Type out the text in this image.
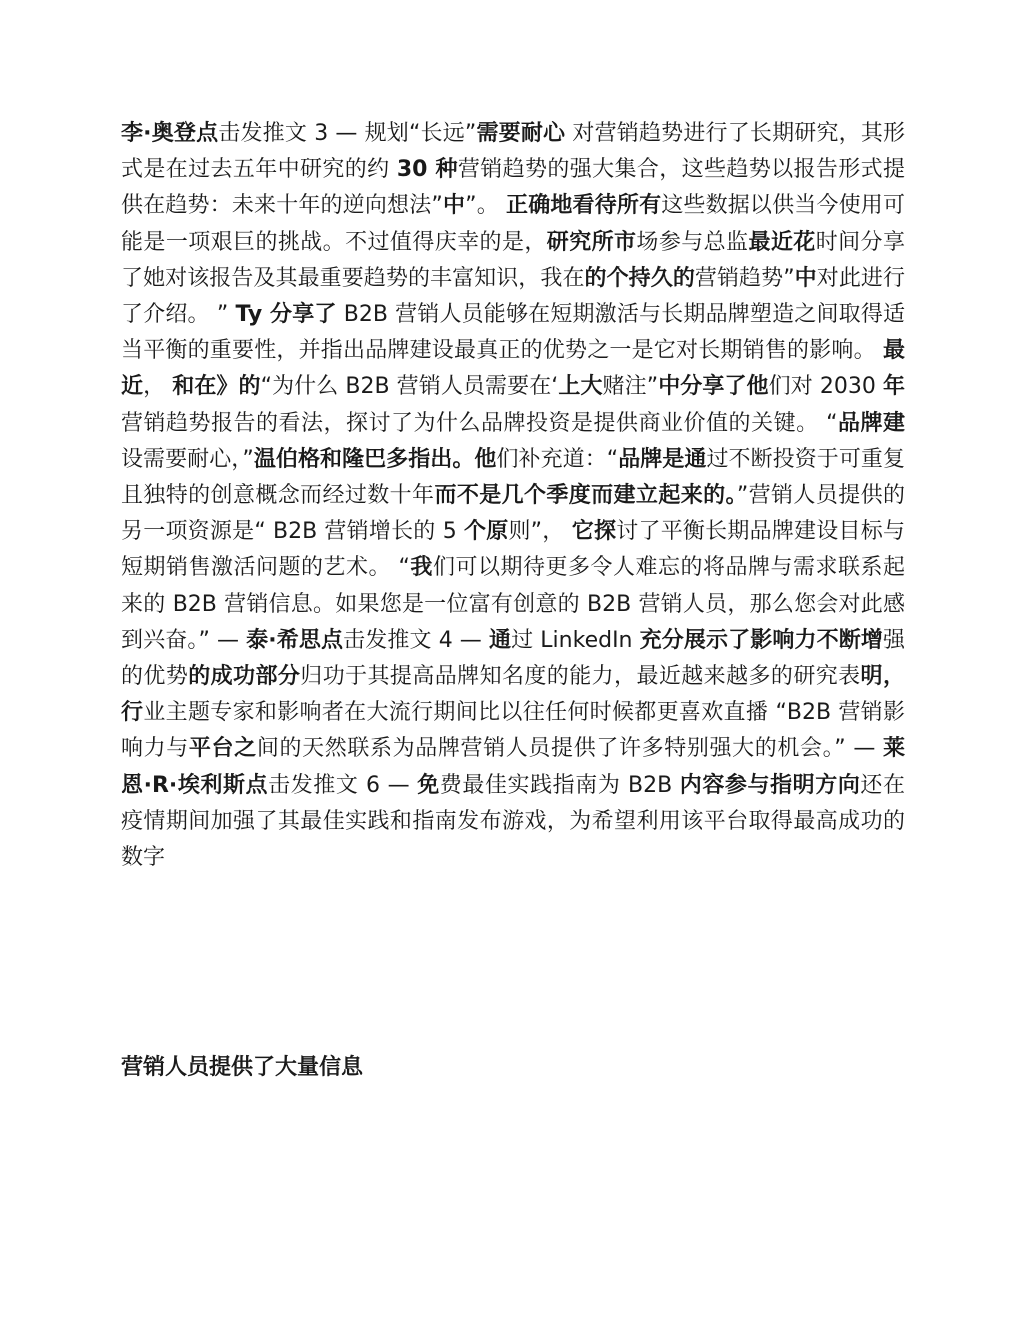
李·奥登点击发推文 3 — 规划“长远”需要耐心 对营销趋势进行了长期研究，其形式是在过去五年中研究的约 30 种营销趋势的强大集合，这些趋势以报告形式提供在趋势：未来十年的逆向想法”中”。 正确地看待所有这些数据以供当今使用可能是一项艰巨的挑战。不过值得庆幸的是，研究所市场参与总监最近花时间分享了她对该报告及其最重要趋势的丰富知识，我在的个持久的营销趋势”中对此进行了介绍。 ” Ty 分享了 B2B 营销人员能够在短期激活与长期品牌塑造之间取得适当平衡的重要性，并指出品牌建设最真正的优势之一是它对长期销售的影响。 最近， 和在》的“为什么 B2B 营销人员需要在‘上大赌注”中分享了他们对 2030 年营销趋势报告的看法，探讨了为什么品牌投资是提供商业价值的关键。 “品牌建设需要耐心，”温伯格和隆巴多指出。他们补充道：“品牌是通过不断投资于可重复且独特的创意概念而经过数十年而不是几个季度而建立起来的。”营销人员提供的另一项资源是“ B2B 营销增长的 5 个原则”， 它探讨了平衡长期品牌建设目标与短期销售激活问题的艺术。 “我们可以期待更多令人难忘的将品牌与需求联系起来的 B2B 营销信息。如果您是一位富有创意的 B2B 营销人员，那么您会对此感到兴奋。” — 泰·希思点击发推文 4 — 通过 LinkedIn 充分展示了影响力不断增强的优势的成功部分归功于其提高品牌知名度的能力，最近越来越多的研究表明， 行业主题专家和影响者在大流行期间比以往任何时候都更喜欢直播 “B2B 营销影响力与平台之间的天然联系为品牌营销人员提供了许多特别强大的机会。” — 莱恩·R·埃利斯点击发推文 6 — 免费最佳实践指南为 B2B 内容参与指明方向还在疫情期间加强了其最佳实践和指南发布游戏，为希望利用该平台取得最高成功的数字

营销人员提供了大量信息
